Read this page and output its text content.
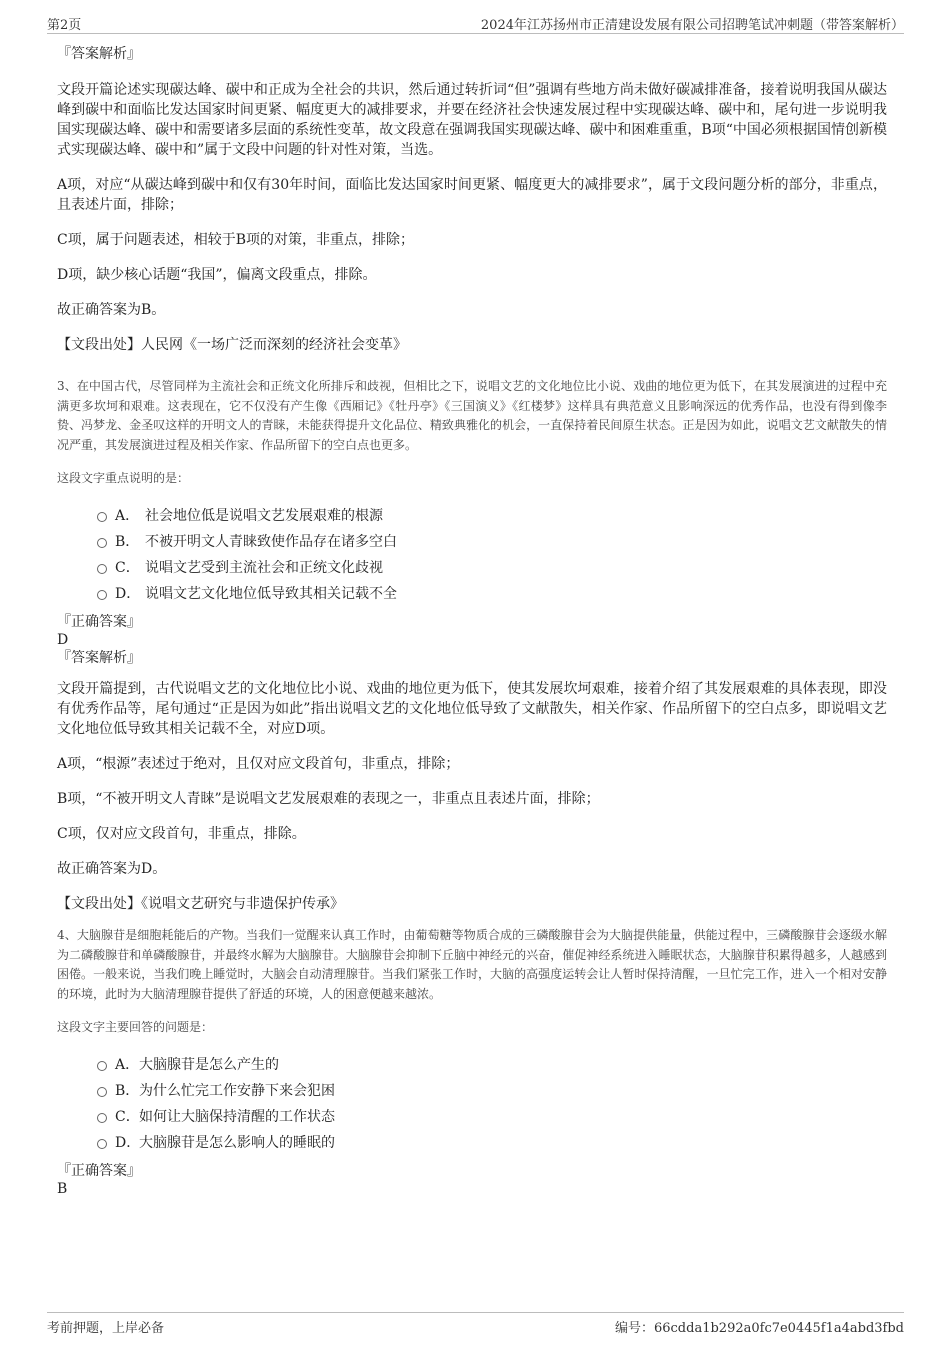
第2页	2024年江苏扬州市正清建设发展有限公司招聘笔试冲刺题（带答案解析）

『答案解析』

文段开篇论述实现碳达峰、碳中和正成为全社会的共识，然后通过转折词“但”强调有些地方尚未做好碳减排准备，接着说明我国从碳达峰到碳中和面临比发达国家时间更紧、幅度更大的减排要求，并要在经济社会快速发展过程中实现碳达峰、碳中和，尾句进一步说明我国实现碳达峰、碳中和需要诸多层面的系统性变革，故文段意在强调我国实现碳达峰、碳中和困难重重，B项“中国必须根据国情创新模式实现碳达峰、碳中和”属于文段中问题的针对性对策，当选。

A项，对应“从碳达峰到碳中和仅有30年时间，面临比发达国家时间更紧、幅度更大的减排要求”，属于文段问题分析的部分，非重点，且表述片面，排除；

C项，属于问题表述，相较于B项的对策，非重点，排除；

D项，缺少核心话题“我国”，偏离文段重点，排除。

故正确答案为B。

【文段出处】人民网《一场广泛而深刻的经济社会变革》

3、在中国古代，尽管同样为主流社会和正统文化所排斥和歧视，但相比之下，说唱文艺的文化地位比小说、戏曲的地位更为低下，在其发展演进的过程中充满更多坎坷和艰难。这表现在，它不仅没有产生像《西厢记》《牡丹亭》《三国演义》《红楼梦》这样具有典范意义且影响深远的优秀作品，也没有得到像李贽、冯梦龙、金圣叹这样的开明文人的青睐，未能获得提升文化品位、精致典雅化的机会，一直保持着民间原生状态。正是因为如此，说唱文艺文献散失的情况严重，其发展演进过程及相关作家、作品所留下的空白点也更多。

这段文字重点说明的是：

A． 社会地位低是说唱文艺发展艰难的根源
B． 不被开明文人青睐致使作品存在诸多空白
C． 说唱文艺受到主流社会和正统文化歧视
D． 说唱文艺文化地位低导致其相关记载不全

『正确答案』

D

『答案解析』

文段开篇提到，古代说唱文艺的文化地位比小说、戏曲的地位更为低下，使其发展坎坷艰难，接着介绍了其发展艰难的具体表现，即没有优秀作品等，尾句通过“正是因为如此”指出说唱文艺的文化地位低导致了文献散失，相关作家、作品所留下的空白点多，即说唱文艺文化地位低导致其相关记载不全，对应D项。

A项，“根源”表述过于绝对，且仅对应文段首句，非重点，排除；

B项，“不被开明文人青睐”是说唱文艺发展艰难的表现之一，非重点且表述片面，排除；

C项，仅对应文段首句，非重点，排除。

故正确答案为D。

【文段出处】《说唱文艺研究与非遗保护传承》

4、大脑腺苷是细胞耗能后的产物。当我们一觉醒来认真工作时，由葡萄糖等物质合成的三磷酸腺苷会为大脑提供能量，供能过程中，三磷酸腺苷会逐级水解为二磷酸腺苷和单磷酸腺苷，并最终水解为大脑腺苷。大脑腺苷会抑制下丘脑中神经元的兴奋，催促神经系统进入睡眠状态，大脑腺苷积累得越多，人越感到困倦。一般来说，当我们晚上睡觉时，大脑会自动清理腺苷。当我们紧张工作时，大脑的高强度运转会让人暂时保持清醒，一旦忙完工作，进入一个相对安静的环境，此时为大脑清理腺苷提供了舒适的环境，人的困意便越来越浓。

这段文字主要回答的问题是：

A．大脑腺苷是怎么产生的
B．为什么忙完工作安静下来会犯困
C．如何让大脑保持清醒的工作状态
D．大脑腺苷是怎么影响人的睡眠的

『正确答案』

B

考前押题，上岸必备	编号：66cdda1b292a0fc7e0445f1a4abd3fbd
